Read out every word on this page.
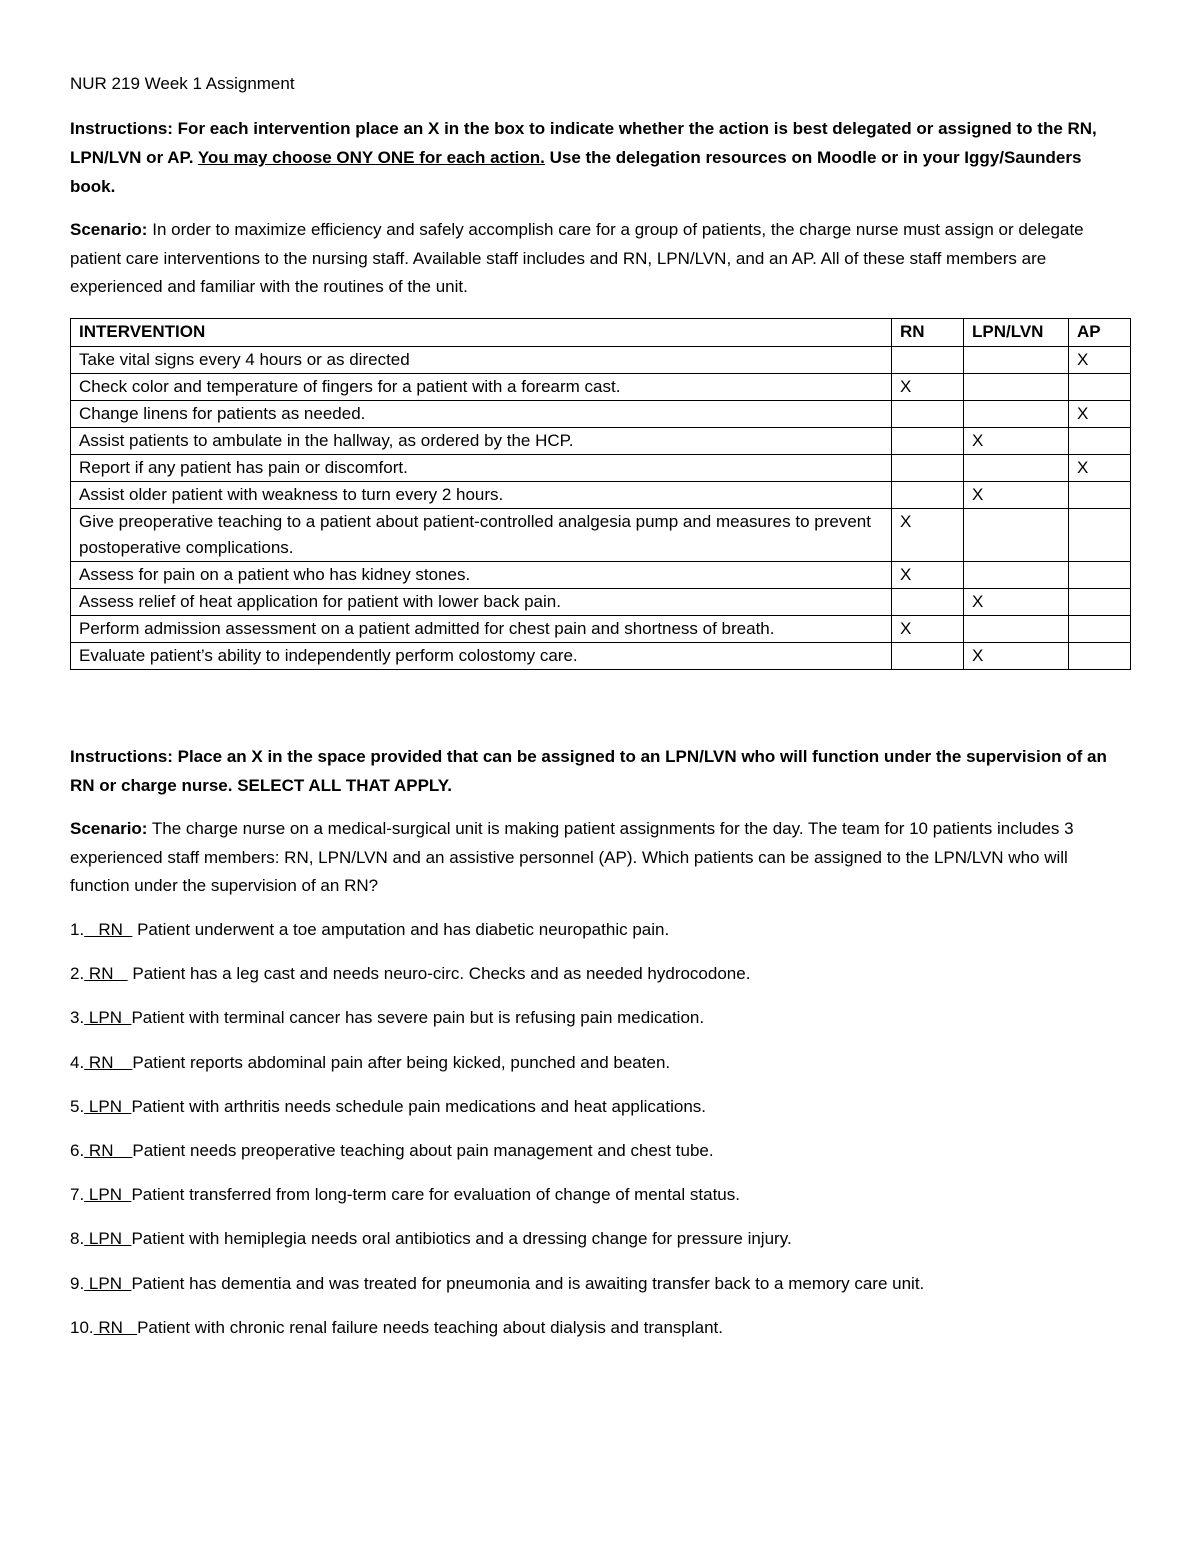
NUR 219 Week 1 Assignment

Instructions: For each intervention place an X in the box to indicate whether the action is best delegated or assigned to the RN, LPN/LVN or AP. You may choose ONY ONE for each action. Use the delegation resources on Moodle or in your Iggy/Saunders book.

Scenario: In order to maximize efficiency and safely accomplish care for a group of patients, the charge nurse must assign or delegate patient care interventions to the nursing staff. Available staff includes and RN, LPN/LVN, and an AP. All of these staff members are experienced and familiar with the routines of the unit.

INTERVENTION	RN	LPN/LVN	AP
Take vital signs every 4 hours or as directed			X
Check color and temperature of fingers for a patient with a forearm cast.	X		
Change linens for patients as needed.			X
Assist patients to ambulate in the hallway, as ordered by the HCP.		X	
Report if any patient has pain or discomfort.			X
Assist older patient with weakness to turn every 2 hours.		X	
Give preoperative teaching to a patient about patient-controlled analgesia pump and measures to prevent postoperative complications.	X		
Assess for pain on a patient who has kidney stones.	X		
Assess relief of heat application for patient with lower back pain.		X	
Perform admission assessment on a patient admitted for chest pain and shortness of breath.	X		
Evaluate patient’s ability to independently perform colostomy care.		X	

Instructions: Place an X in the space provided that can be assigned to an LPN/LVN who will function under the supervision of an RN or charge nurse. SELECT ALL THAT APPLY.

Scenario: The charge nurse on a medical-surgical unit is making patient assignments for the day. The team for 10 patients includes 3 experienced staff members: RN, LPN/LVN and an assistive personnel (AP). Which patients can be assigned to the LPN/LVN who will function under the supervision of an RN?

1.   RN   Patient underwent a toe amputation and has diabetic neuropathic pain.

2. RN    Patient has a leg cast and needs neuro-circ. Checks and as needed hydrocodone.

3. LPN  Patient with terminal cancer has severe pain but is refusing pain medication.

4. RN    Patient reports abdominal pain after being kicked, punched and beaten.

5. LPN  Patient with arthritis needs schedule pain medications and heat applications.

6. RN    Patient needs preoperative teaching about pain management and chest tube.

7. LPN  Patient transferred from long-term care for evaluation of change of mental status.

8. LPN  Patient with hemiplegia needs oral antibiotics and a dressing change for pressure injury.

9. LPN  Patient has dementia and was treated for pneumonia and is awaiting transfer back to a memory care unit.

10. RN   Patient with chronic renal failure needs teaching about dialysis and transplant.
